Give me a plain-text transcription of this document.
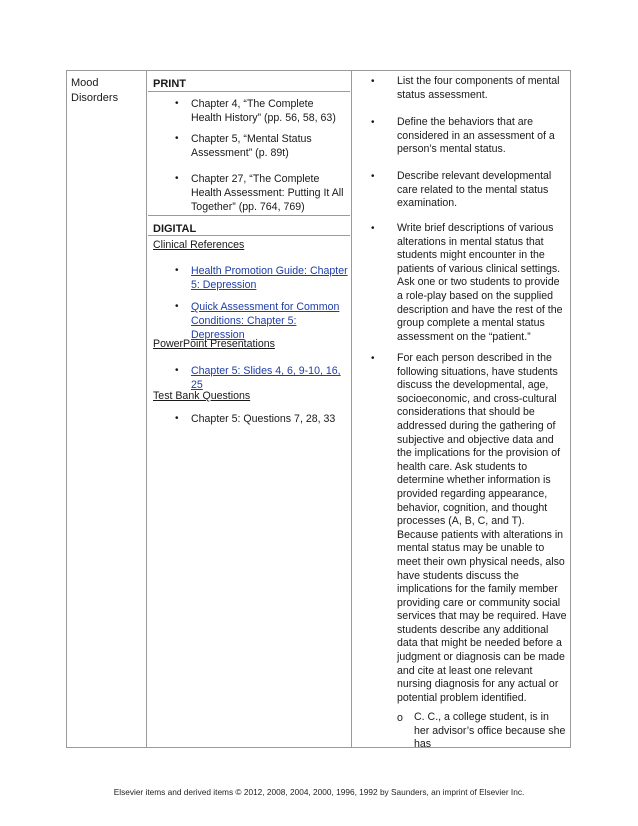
Mood
Disorders
PRINT
• Chapter 4, “The Complete Health History” (pp. 56, 58, 63)
• Chapter 5, “Mental Status Assessment” (p. 89t)
• Chapter 27, “The Complete Health Assessment: Putting It All Together” (pp. 764, 769)
DIGITAL
Clinical References
• Health Promotion Guide: Chapter 5: Depression
• Quick Assessment for Common Conditions: Chapter 5: Depression
PowerPoint Presentations
• Chapter 5: Slides 4, 6, 9-10, 16, 25
Test Bank Questions
• Chapter 5: Questions 7, 28, 33
• List the four components of mental status assessment.
• Define the behaviors that are considered in an assessment of a person’s mental status.
• Describe relevant developmental care related to the mental status examination.
• Write brief descriptions of various alterations in mental status that students might encounter in the patients of various clinical settings. Ask one or two students to provide a role-play based on the supplied description and have the rest of the group complete a mental status assessment on the “patient.”
• For each person described in the following situations, have students discuss the developmental, age, socioeconomic, and cross-cultural considerations that should be addressed during the gathering of subjective and objective data and the implications for the provision of health care. Ask students to determine whether information is provided regarding appearance, behavior, cognition, and thought processes (A, B, C, and T). Because patients with alterations in mental status may be unable to meet their own physical needs, also have students discuss the implications for the family member providing care or community social services that may be required. Have students describe any additional data that might be needed before a judgment or diagnosis can be made and cite at least one relevant nursing diagnosis for any actual or potential problem identified.
o C. C., a college student, is in her advisor’s office because she has
Elsevier items and derived items © 2012, 2008, 2004, 2000, 1996, 1992 by Saunders, an imprint of Elsevier Inc.
